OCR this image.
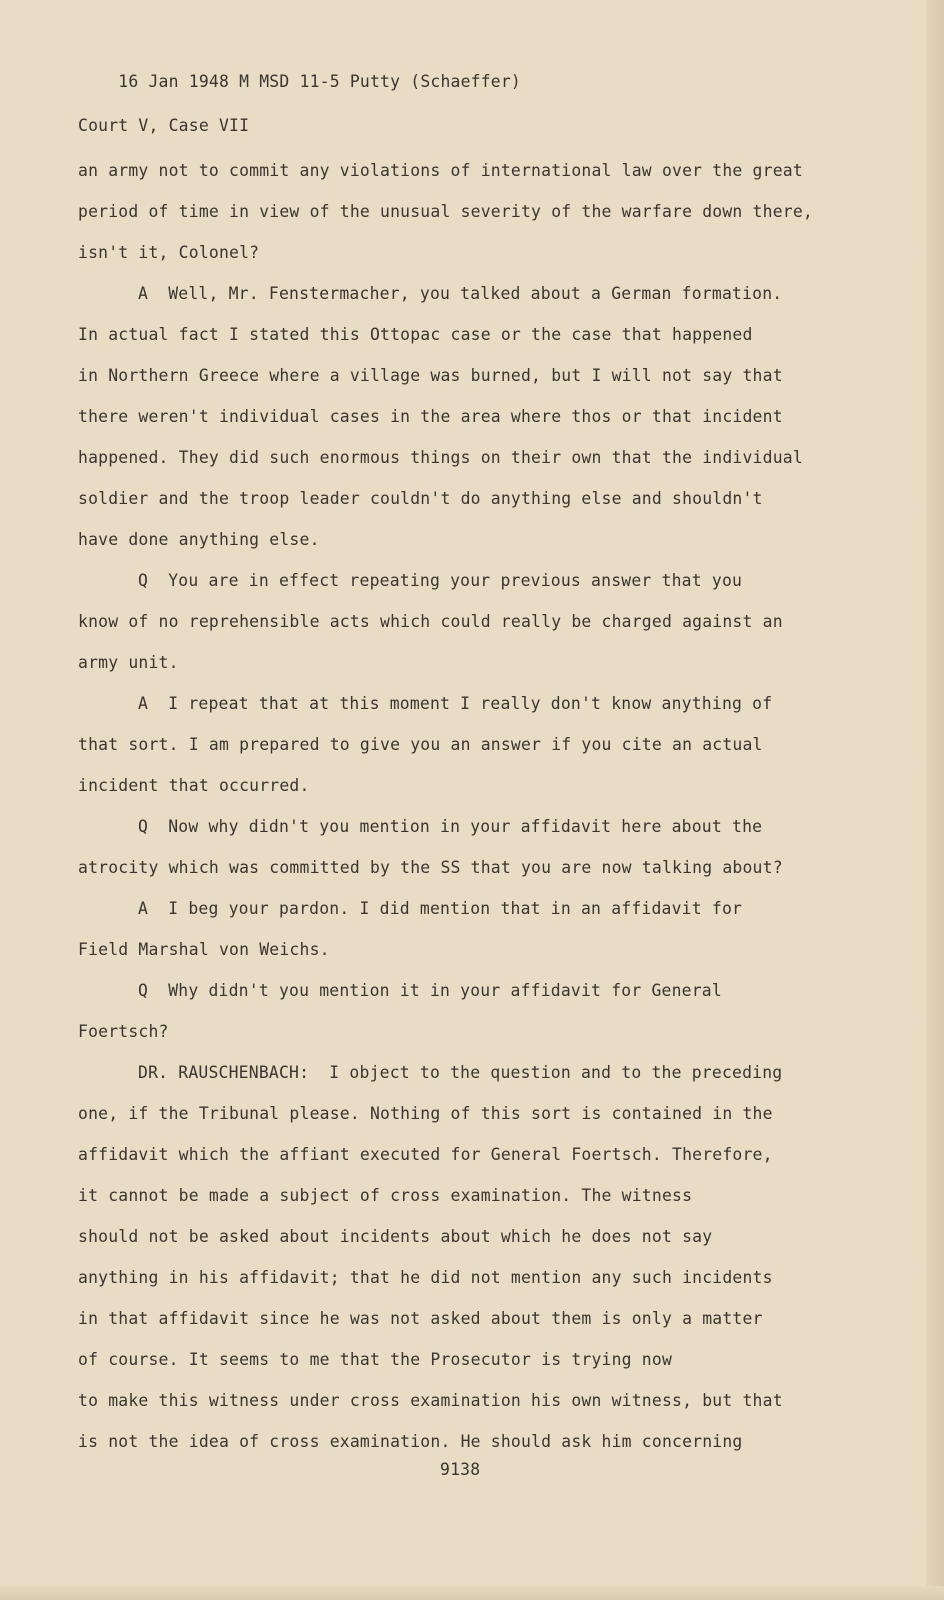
16 Jan 1948 M MSD 11-5 Putty (Schaeffer)

Court V, Case VII

an army not to commit any violations of international law over the great
period of time in view of the unusual severity of the warfare down there,
isn't it, Colonel?
A  Well, Mr. Fenstermacher, you talked about a German formation.
In actual fact I stated this Ottopac case or the case that happened
in Northern Greece where a village was burned, but I will not say that
there weren't individual cases in the area where thos or that incident
happened. They did such enormous things on their own that the individual
soldier and the troop leader couldn't do anything else and shouldn't
have done anything else.
Q  You are in effect repeating your previous answer that you
know of no reprehensible acts which could really be charged against an
army unit.
A  I repeat that at this moment I really don't know anything of
that sort. I am prepared to give you an answer if you cite an actual
incident that occurred.
Q  Now why didn't you mention in your affidavit here about the
atrocity which was committed by the SS that you are now talking about?
A  I beg your pardon. I did mention that in an affidavit for
Field Marshal von Weichs.
Q  Why didn't you mention it in your affidavit for General
Foertsch?
DR. RAUSCHENBACH:  I object to the question and to the preceding
one, if the Tribunal please. Nothing of this sort is contained in the
affidavit which the affiant executed for General Foertsch. Therefore,
it cannot be made a subject of cross examination. The witness
should not be asked about incidents about which he does not say
anything in his affidavit; that he did not mention any such incidents
in that affidavit since he was not asked about them is only a matter
of course. It seems to me that the Prosecutor is trying now
to make this witness under cross examination his own witness, but that
is not the idea of cross examination. He should ask him concerning
9138
